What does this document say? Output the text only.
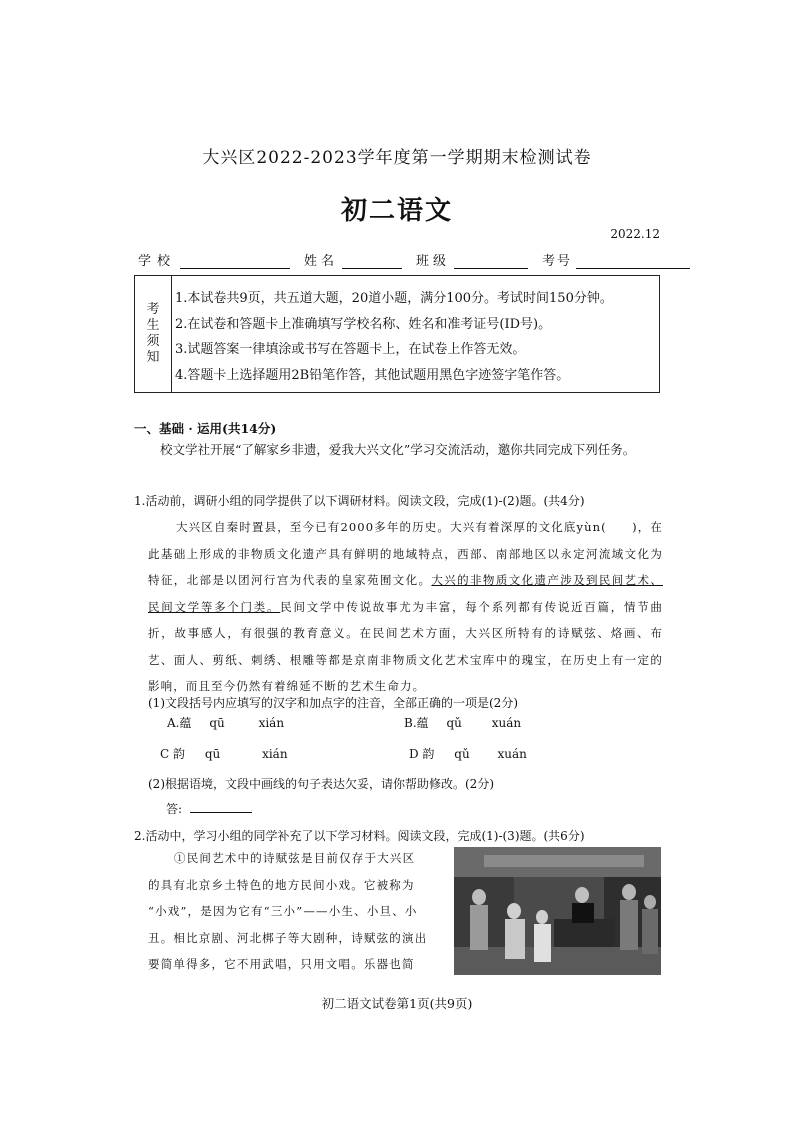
大兴区2022-2023学年度第一学期期末检测试卷
初二语文
2022.12
学校	姓名	班级	考号
考
生
须
知
1.本试卷共9页，共五道大题，20道小题，满分100分。考试时间150分钟。
2.在试卷和答题卡上准确填写学校名称、姓名和准考证号(ID号)。
3.试题答案一律填涂或书写在答题卡上，在试卷上作答无效。
4.答题卡上选择题用2B铅笔作答，其他试题用黑色字迹签字笔作答。
一、基础 · 运用(共14分)
校文学社开展“了解家乡非遗，爱我大兴文化”学习交流活动，邀你共同完成下列任务。
1.活动前，调研小组的同学提供了以下调研材料。阅读文段，完成(1)-(2)题。(共4分)
大兴区自秦时置县，至今已有2000多年的历史。大兴有着深厚的文化底yùn(　　)，在此基础上形成的非物质文化遗产具有鲜明的地域特点，西部、南部地区以永定河流域文化为特征，北部是以团河行宫为代表的皇家苑囿文化。大兴的非物质文化遗产涉及到民间艺术、民间文学等多个门类。民间文学中传说故事尤为丰富，每个系列都有传说近百篇，情节曲折，故事感人，有很强的教育意义。在民间艺术方面，大兴区所特有的诗赋弦、烙画、布艺、面人、剪纸、刺绣、根雕等都是京南非物质文化艺术宝库中的瑰宝，在历史上有一定的影响，而且至今仍然有着绵延不断的艺术生命力。
(1)文段括号内应填写的汉字和加点字的注音，全部正确的一项是(2分)
A.蕴 qū	xián	B.蕴 qǔ xuán
C 韵 qū	xián	D 韵 qǔ xuán
(2)根据语境，文段中画线的句子表达欠妥，请你帮助修改。(2分)
答:
2.活动中，学习小组的同学补充了以下学习材料。阅读文段，完成(1)-(3)题。(共6分)
①民间艺术中的诗赋弦是目前仅存于大兴区
的具有北京乡土特色的地方民间小戏。它被称为
“小戏”，是因为它有“三小”——小生、小旦、小
丑。相比京剧、河北梆子等大剧种，诗赋弦的演出
要简单得多，它不用武唱，只用文唱。乐器也简
初二语文试卷第1页(共9页)
